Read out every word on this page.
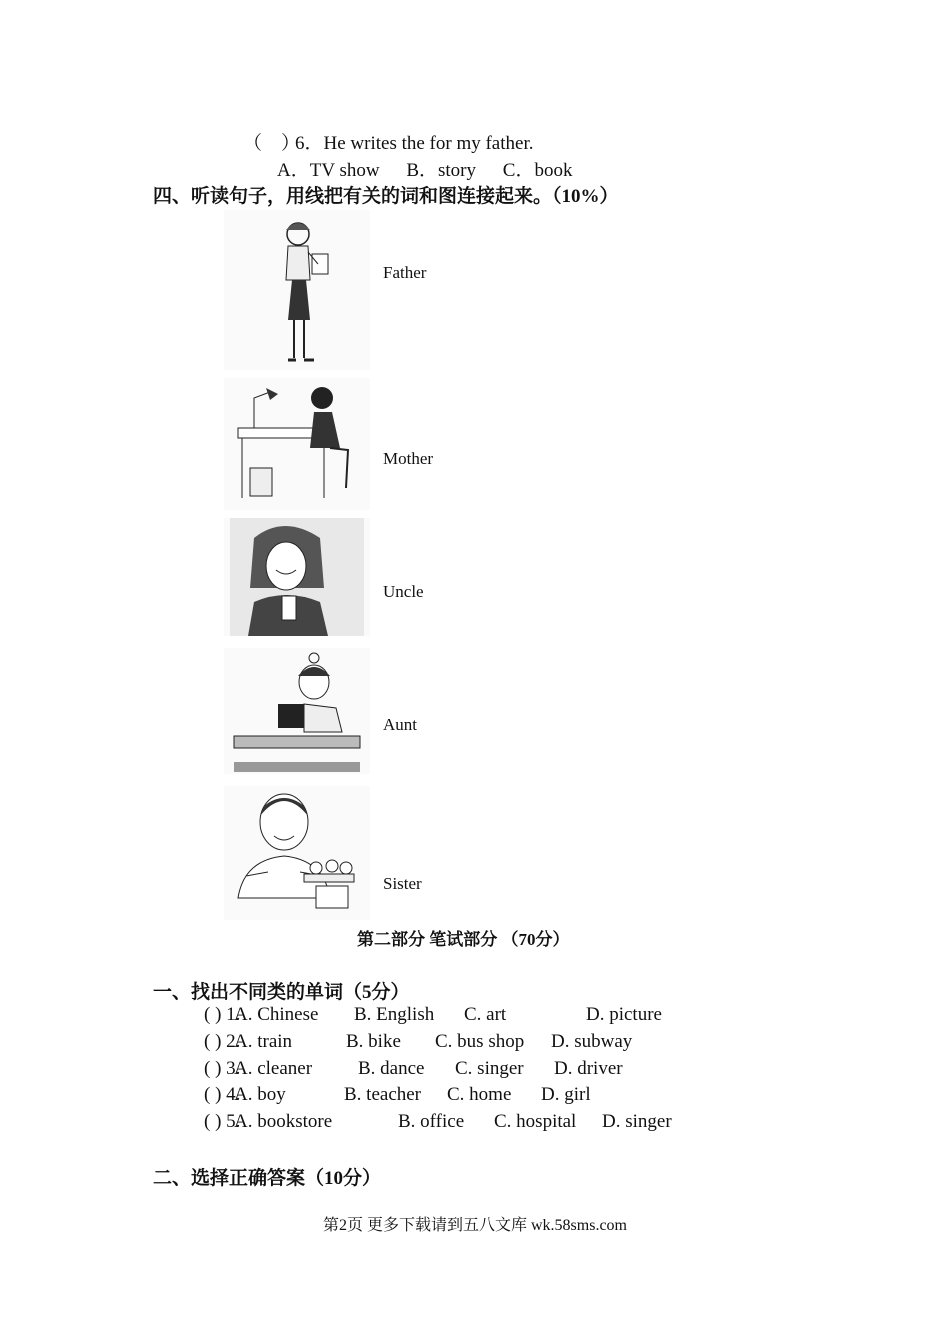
（　）6．He writes the for my father.
A．TV show B．story C．book
四、听读句子，用线把有关的词和图连接起来。（10%）
Father
Mother
Uncle
Aunt
Sister
第二部分 笔试部分 （70分）
一、找出不同类的单词（5分）
( ) 1.A. Chinese B. English C. art	D. picture
( ) 2.A. train	B. bike C. bus shop D. subway
( ) 3.A. cleaner B. dance C. singer D. driver
( ) 4.A. boy	B. teacher C. home D. girl
( ) 5.A. bookstore	B. office C. hospital D. singer
二、选择正确答案（10分）
第2页 更多下载请到五八文库 wk.58sms.com
